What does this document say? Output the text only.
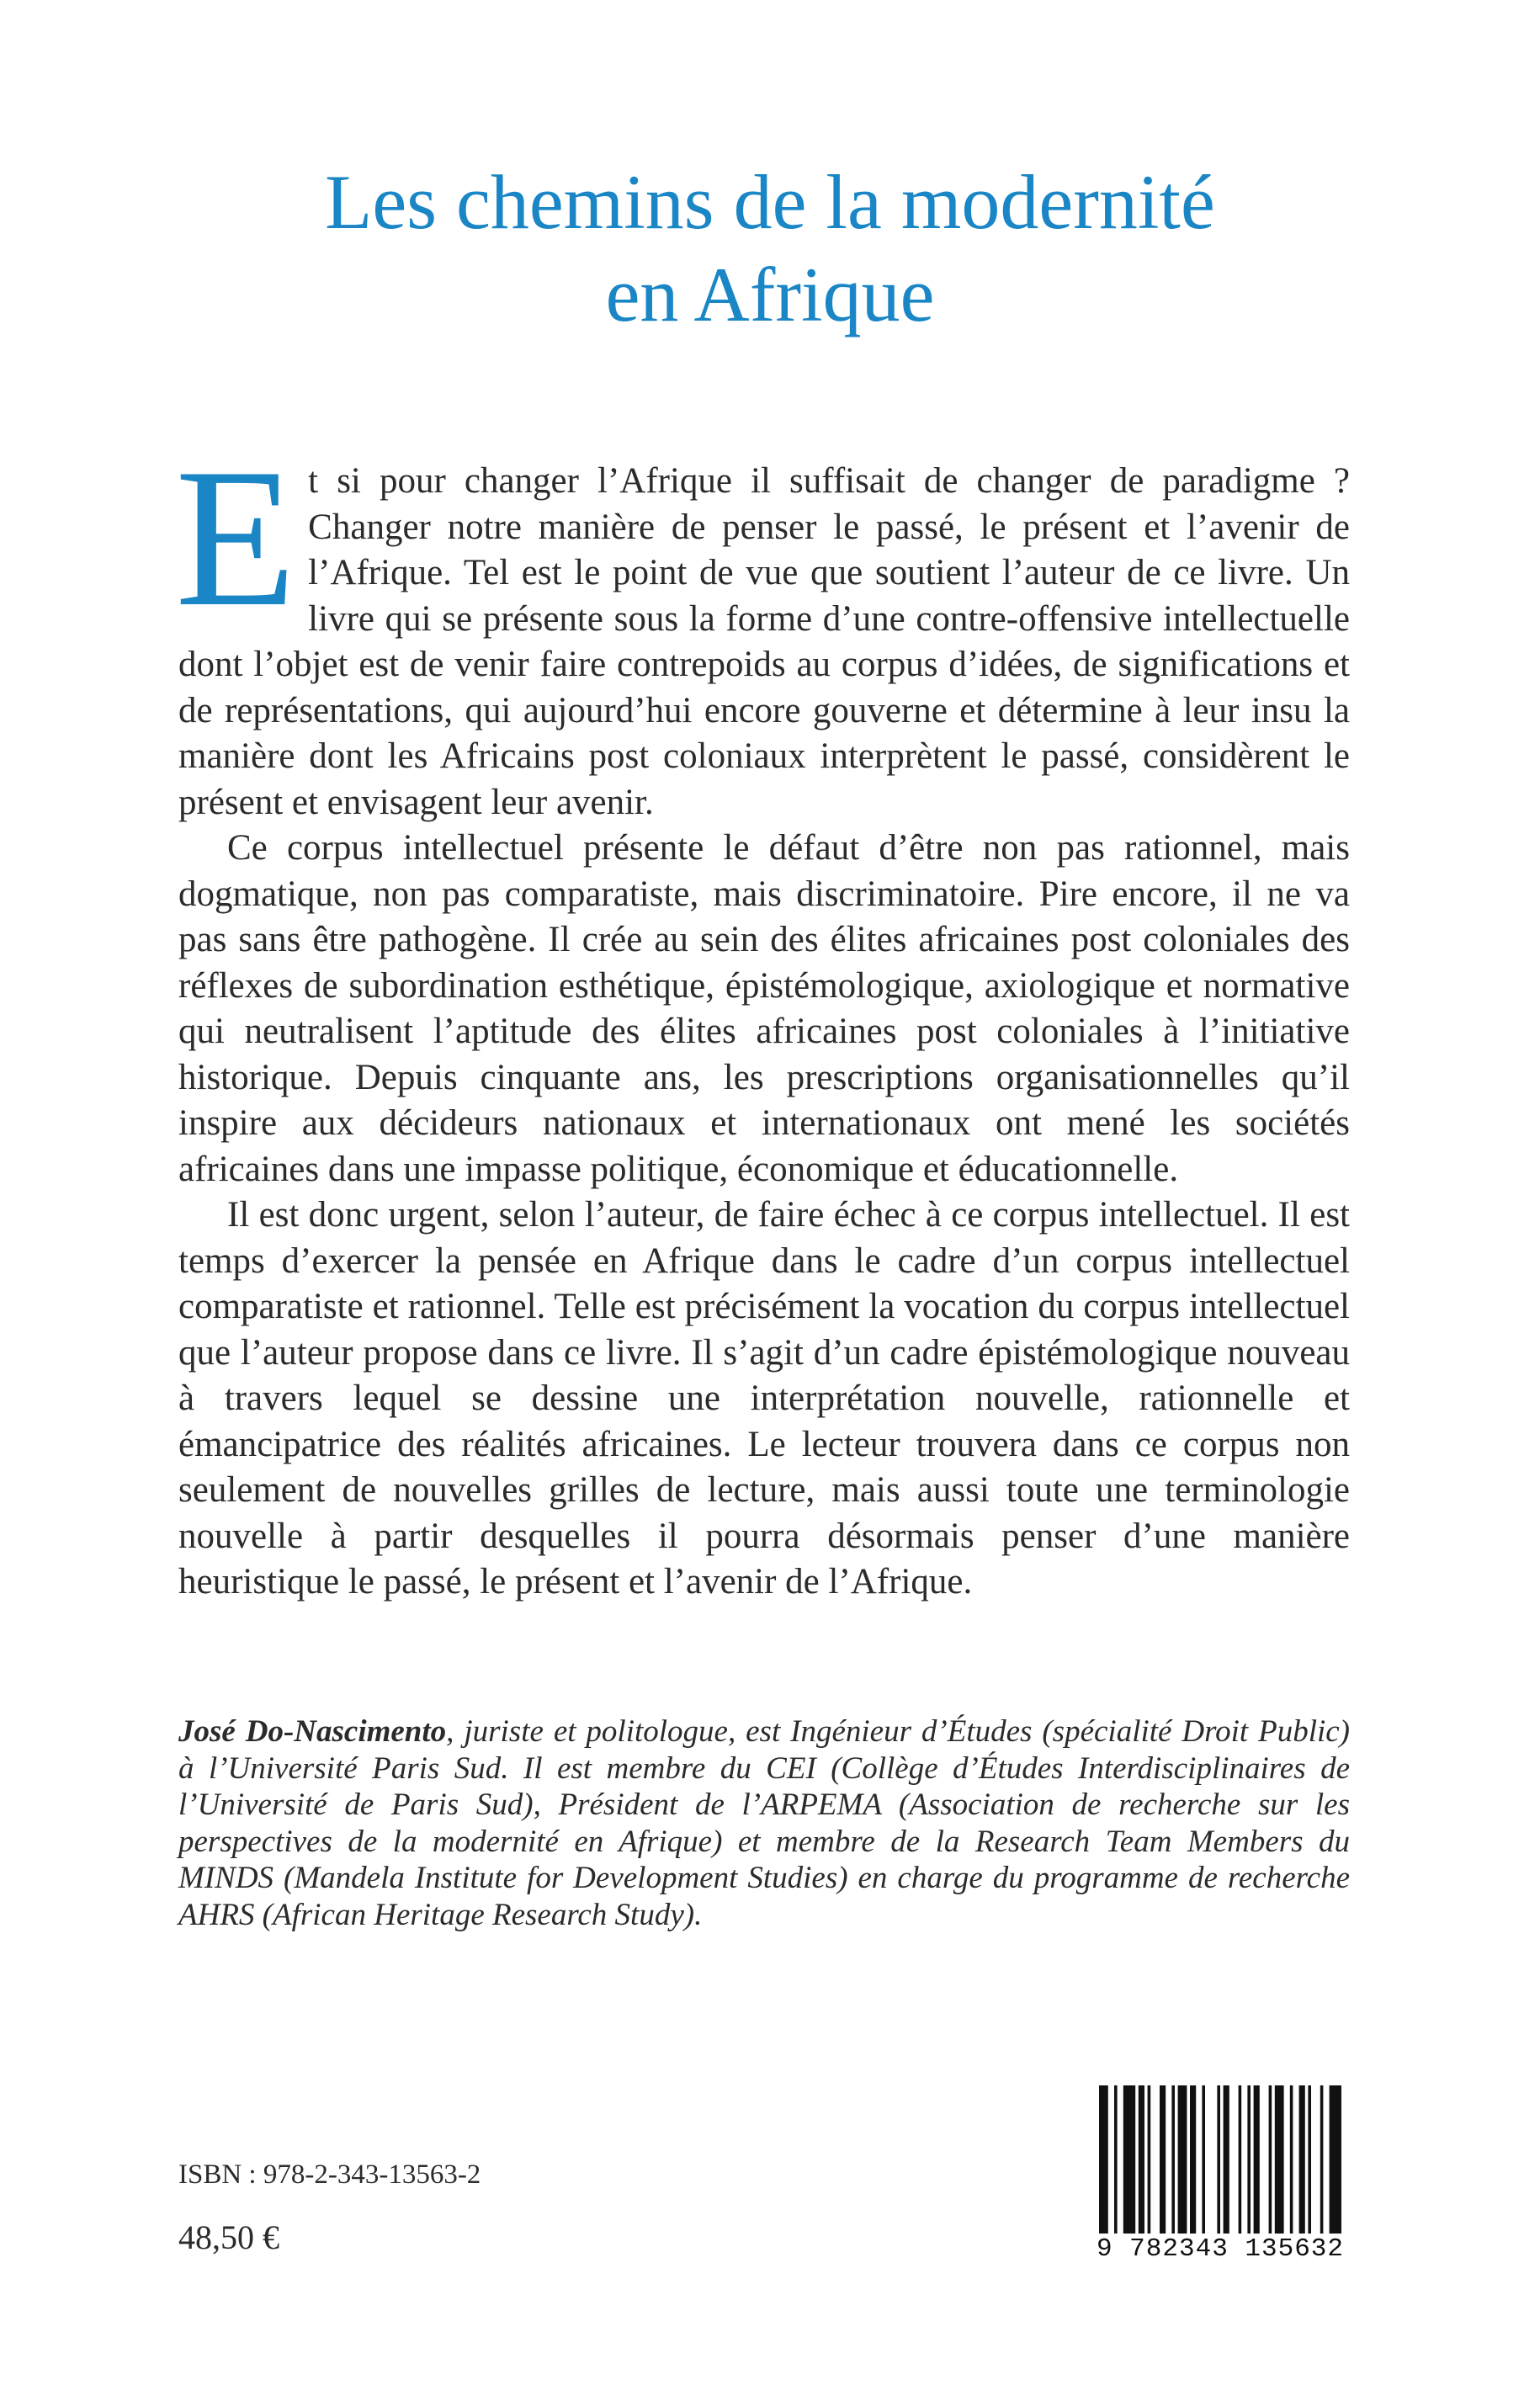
Les chemins de la modernité
en Afrique

Et si pour changer l’Afrique il suffisait de changer de paradigme ? Changer notre manière de penser le passé, le présent et l’avenir de l’Afrique. Tel est le point de vue que soutient l’auteur de ce livre. Un livre qui se présente sous la forme d’une contre-offensive intellectuelle dont l’objet est de venir faire contrepoids au corpus d’idées, de significations et de représentations, qui aujourd’hui encore gouverne et détermine à leur insu la manière dont les Africains post coloniaux interprètent le passé, considèrent le présent et envisagent leur avenir.

Ce corpus intellectuel présente le défaut d’être non pas rationnel, mais dogmatique, non pas comparatiste, mais discriminatoire. Pire encore, il ne va pas sans être pathogène. Il crée au sein des élites africaines post coloniales des réflexes de subordination esthétique, épistémologique, axiologique et normative qui neutralisent l’aptitude des élites africaines post coloniales à l’initiative historique. Depuis cinquante ans, les prescriptions organisationnelles qu’il inspire aux décideurs nationaux et internationaux ont mené les sociétés africaines dans une impasse politique, économique et éducationnelle.

Il est donc urgent, selon l’auteur, de faire échec à ce corpus intellectuel. Il est temps d’exercer la pensée en Afrique dans le cadre d’un corpus intellectuel comparatiste et rationnel. Telle est précisément la vocation du corpus intellectuel que l’auteur propose dans ce livre. Il s’agit d’un cadre épistémologique nouveau à travers lequel se dessine une interprétation nouvelle, rationnelle et émancipatrice des réalités africaines. Le lecteur trouvera dans ce corpus non seulement de nouvelles grilles de lecture, mais aussi toute une terminologie nouvelle à partir desquelles il pourra désormais penser d’une manière heuristique le passé, le présent et l’avenir de l’Afrique.

José Do-Nascimento, juriste et politologue, est Ingénieur d’Études (spécialité Droit Public) à l’Université Paris Sud. Il est membre du CEI (Collège d’Études Interdisciplinaires de l’Université de Paris Sud), Président de l’ARPEMA (Association de recherche sur les perspectives de la modernité en Afrique) et membre de la Research Team Members du MINDS (Mandela Institute for Development Studies) en charge du programme de recherche AHRS (African Heritage Research Study).

ISBN : 978-2-343-13563-2

48,50 €	9 782343 135632
